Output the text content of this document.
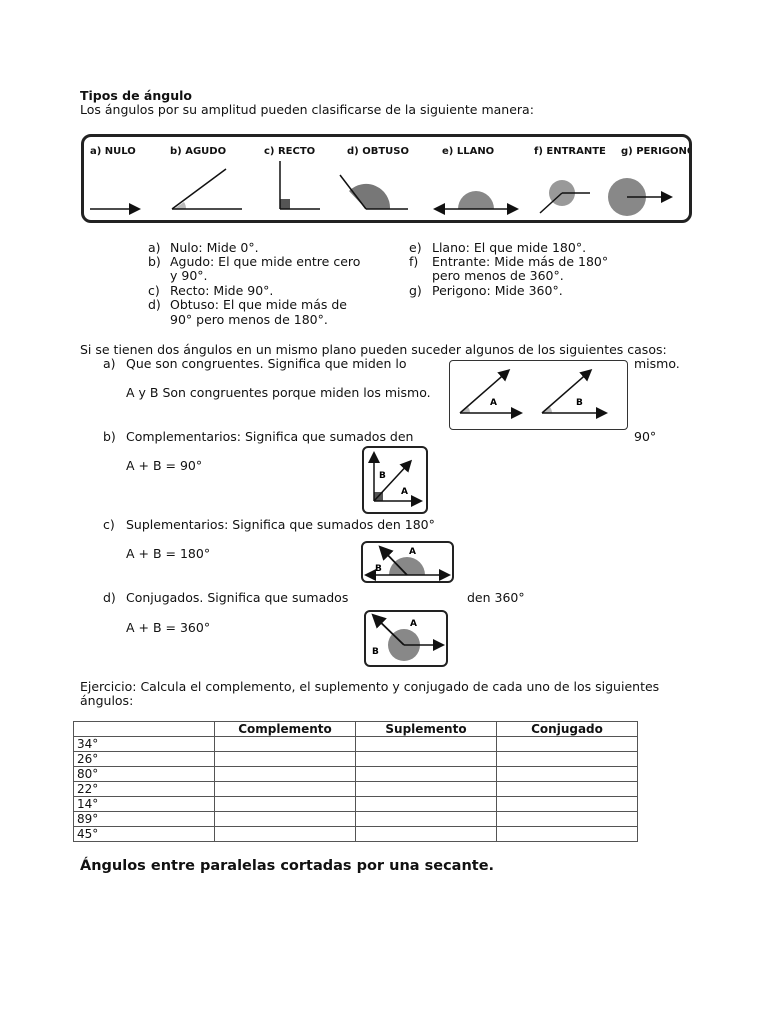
Tipos de ángulo
Los ángulos por su amplitud pueden clasificarse de la siguiente manera:
a) NULO	b) AGUDO	c) RECTO	d) OBTUSO	e) LLANO	f) ENTRANTE g) PERIGONO
a) Nulo: Mide 0°.
b) Agudo: El que mide entre cero
y 90°.
c) Recto: Mide 90°.
d) Obtuso: El que mide más de
90° pero menos de 180°.
e) Llano: El que mide 180°.
f) Entrante: Mide más de 180°
pero menos de 360°.
g) Perigono: Mide 360°.
Si se tienen dos ángulos en un mismo plano pueden suceder algunos de los siguientes casos:
a) Que son congruentes. Significa que miden lo	mismo.
A y B Son congruentes porque miden los mismo.
A	B
b) Complementarios: Significa que sumados den	90°
A + B = 90°
B
A
c) Suplementarios: Significa que sumados den 180°
A + B = 180°
B
A
d) Conjugados. Significa que sumados	den 360°
A + B = 360°
B
A
Ejercicio: Calcula el complemento, el suplemento y conjugado de cada uno de los siguientes
ángulos:
	Complemento	Suplemento	Conjugado
34°			
26°			
80°			
22°			
14°			
89°			
45°			
Ángulos entre paralelas cortadas por una secante.
